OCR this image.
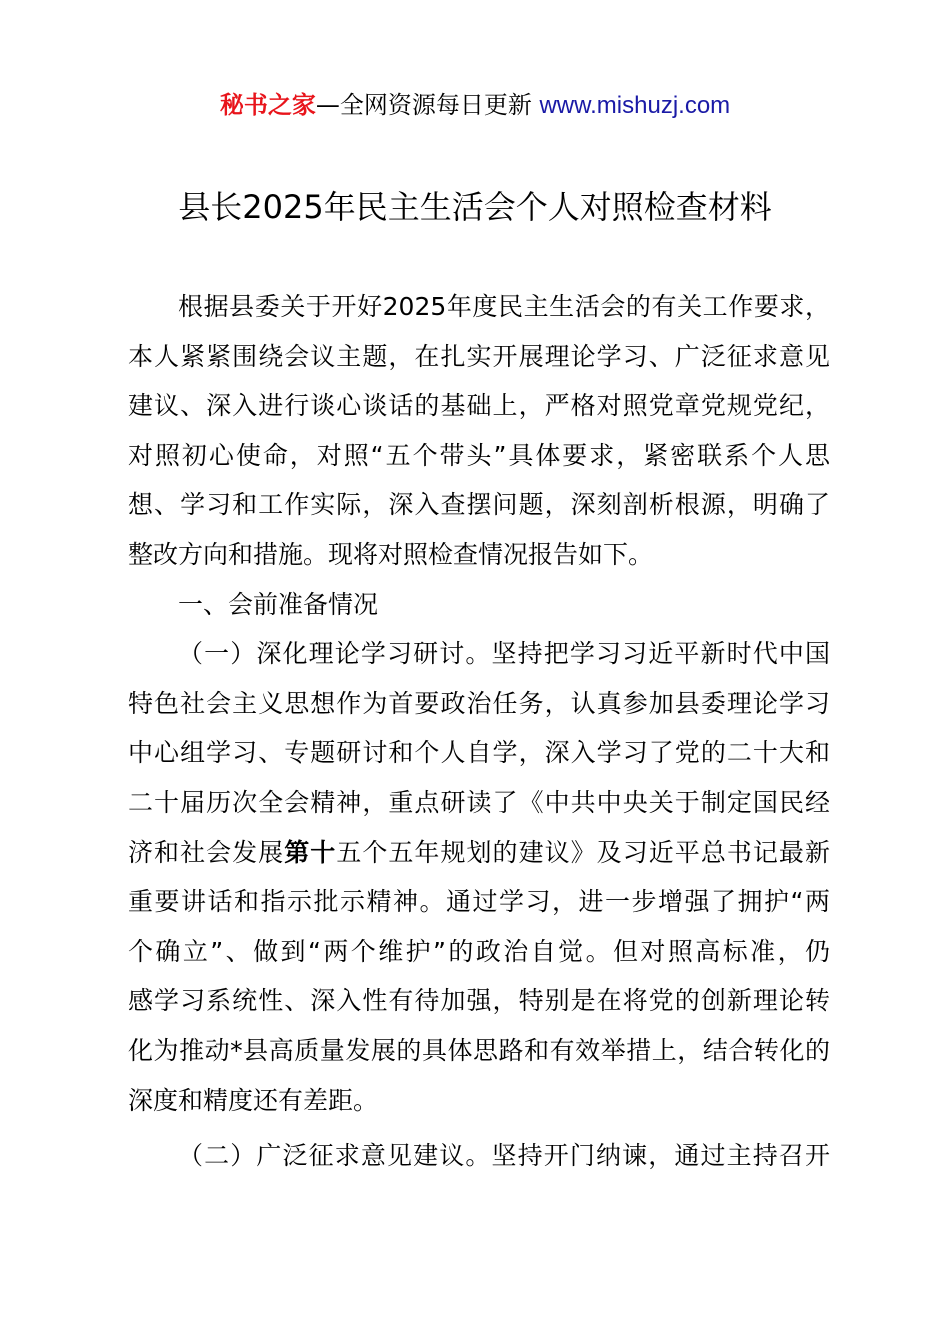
秘书之家—全网资源每日更新 www.mishuzj.com
县长2025年民主生活会个人对照检查材料
根据县委关于开好2025年度民主生活会的有关工作要求，
本人紧紧围绕会议主题，在扎实开展理论学习、广泛征求意见
建议、深入进行谈心谈话的基础上，严格对照党章党规党纪，
对照初心使命，对照“五个带头”具体要求，紧密联系个人思
想、学习和工作实际，深入查摆问题，深刻剖析根源，明确了
整改方向和措施。现将对照检查情况报告如下。
一、会前准备情况
（一）深化理论学习研讨。坚持把学习习近平新时代中国
特色社会主义思想作为首要政治任务，认真参加县委理论学习
中心组学习、专题研讨和个人自学，深入学习了党的二十大和
二十届历次全会精神，重点研读了《中共中央关于制定国民经
济和社会发展第十五个五年规划的建议》及习近平总书记最新
重要讲话和指示批示精神。通过学习，进一步增强了拥护“两
个确立”、做到“两个维护”的政治自觉。但对照高标准，仍
感学习系统性、深入性有待加强，特别是在将党的创新理论转
化为推动*县高质量发展的具体思路和有效举措上，结合转化的
深度和精度还有差距。
（二）广泛征求意见建议。坚持开门纳谏，通过主持召开
